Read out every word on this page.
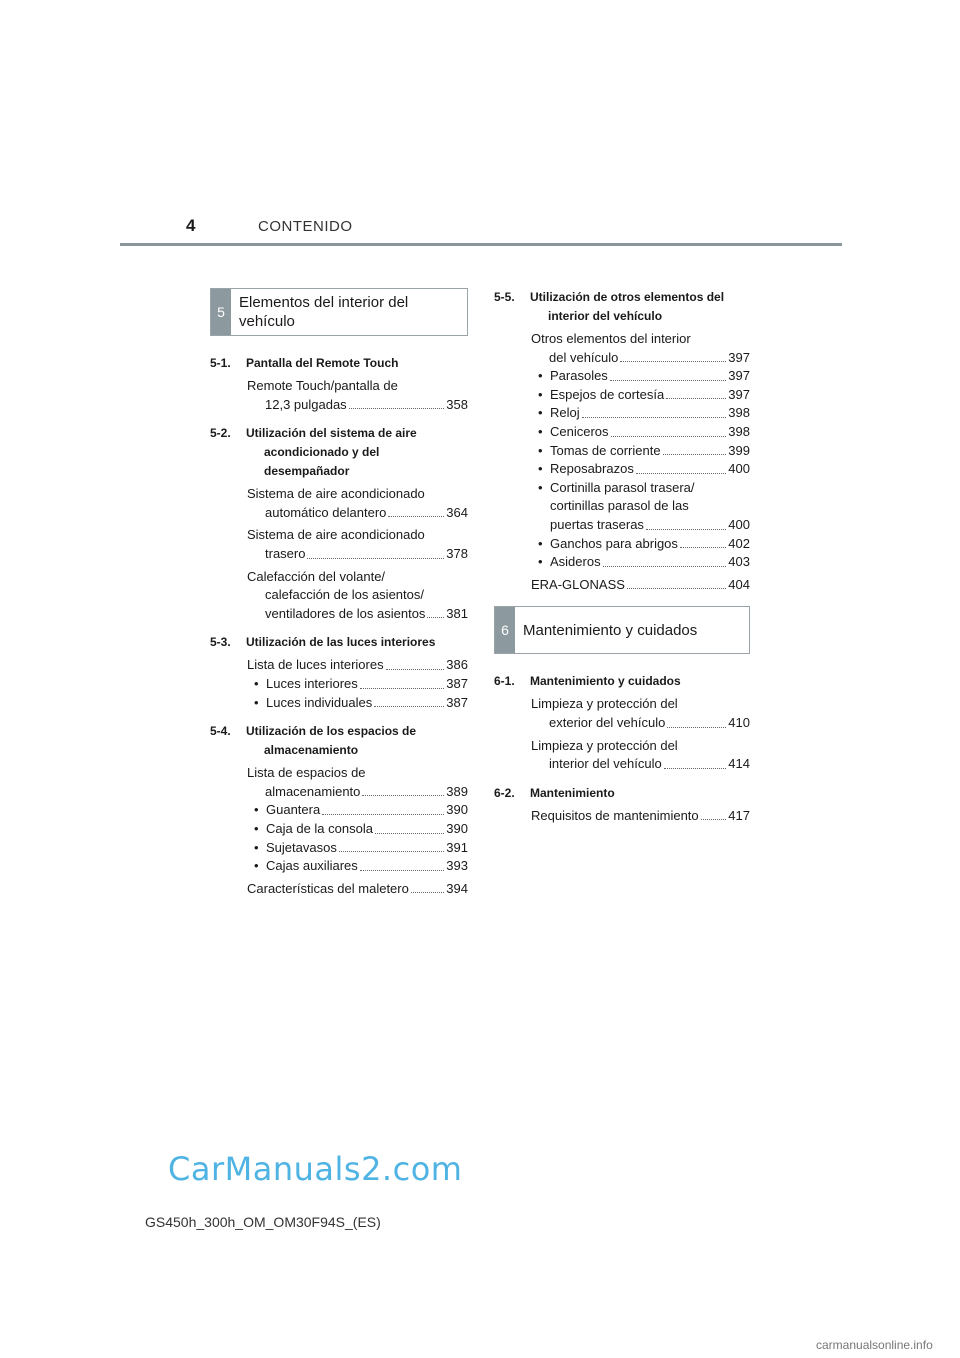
4	CONTENIDO
5
Elementos del interior del
vehículo
5-1.	Pantalla del Remote Touch
Remote Touch/pantalla de
12,3 pulgadas	358
5-2.	Utilización del sistema de aire
acondicionado y del
desempañador
Sistema de aire acondicionado
automático delantero	364
Sistema de aire acondicionado
trasero	378
Calefacción del volante/
calefacción de los asientos/
ventiladores de los asientos 381
5-3.	Utilización de las luces interiores
Lista de luces interiores	386
• Luces interiores	387
• Luces individuales	387
5-4.	Utilización de los espacios de
almacenamiento
Lista de espacios de
almacenamiento	389
• Guantera	390
• Caja de la consola	390
• Sujetavasos	391
• Cajas auxiliares	393
Características del maletero	394
5-5.	Utilización de otros elementos del
interior del vehículo
Otros elementos del interior
del vehículo	397
• Parasoles	397
• Espejos de cortesía	397
• Reloj	398
• Ceniceros	398
• Tomas de corriente	399
• Reposabrazos	400
• Cortinilla parasol trasera/
cortinillas parasol de las
puertas traseras	400
• Ganchos para abrigos	402
• Asideros	403
ERA-GLONASS	404
6 Mantenimiento y cuidados
6-1.	Mantenimiento y cuidados
Limpieza y protección del
exterior del vehículo	410
Limpieza y protección del
interior del vehículo	414
6-2.	Mantenimiento
Requisitos de mantenimiento 417
CarManuals2.com
GS450h_300h_OM_OM30F94S_(ES)
carmanualsonline.info
